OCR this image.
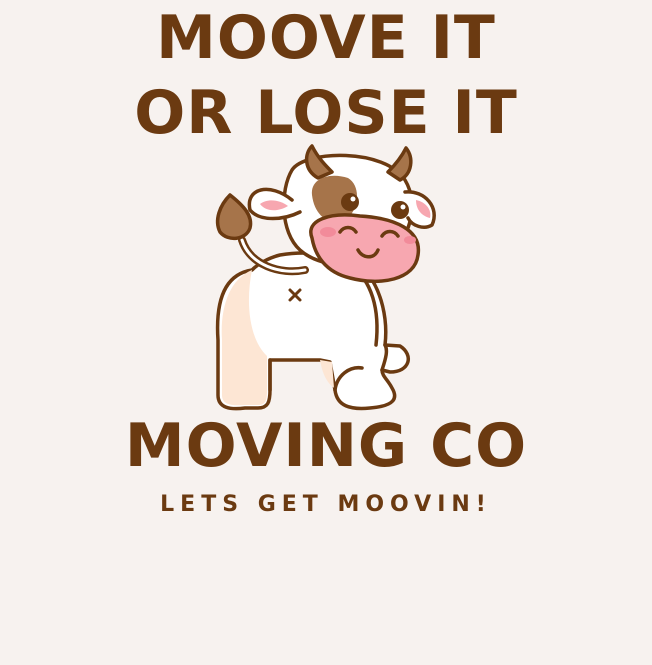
MOOVE IT
OR LOSE IT
MOVING CO

LETS GET MOOVIN!
